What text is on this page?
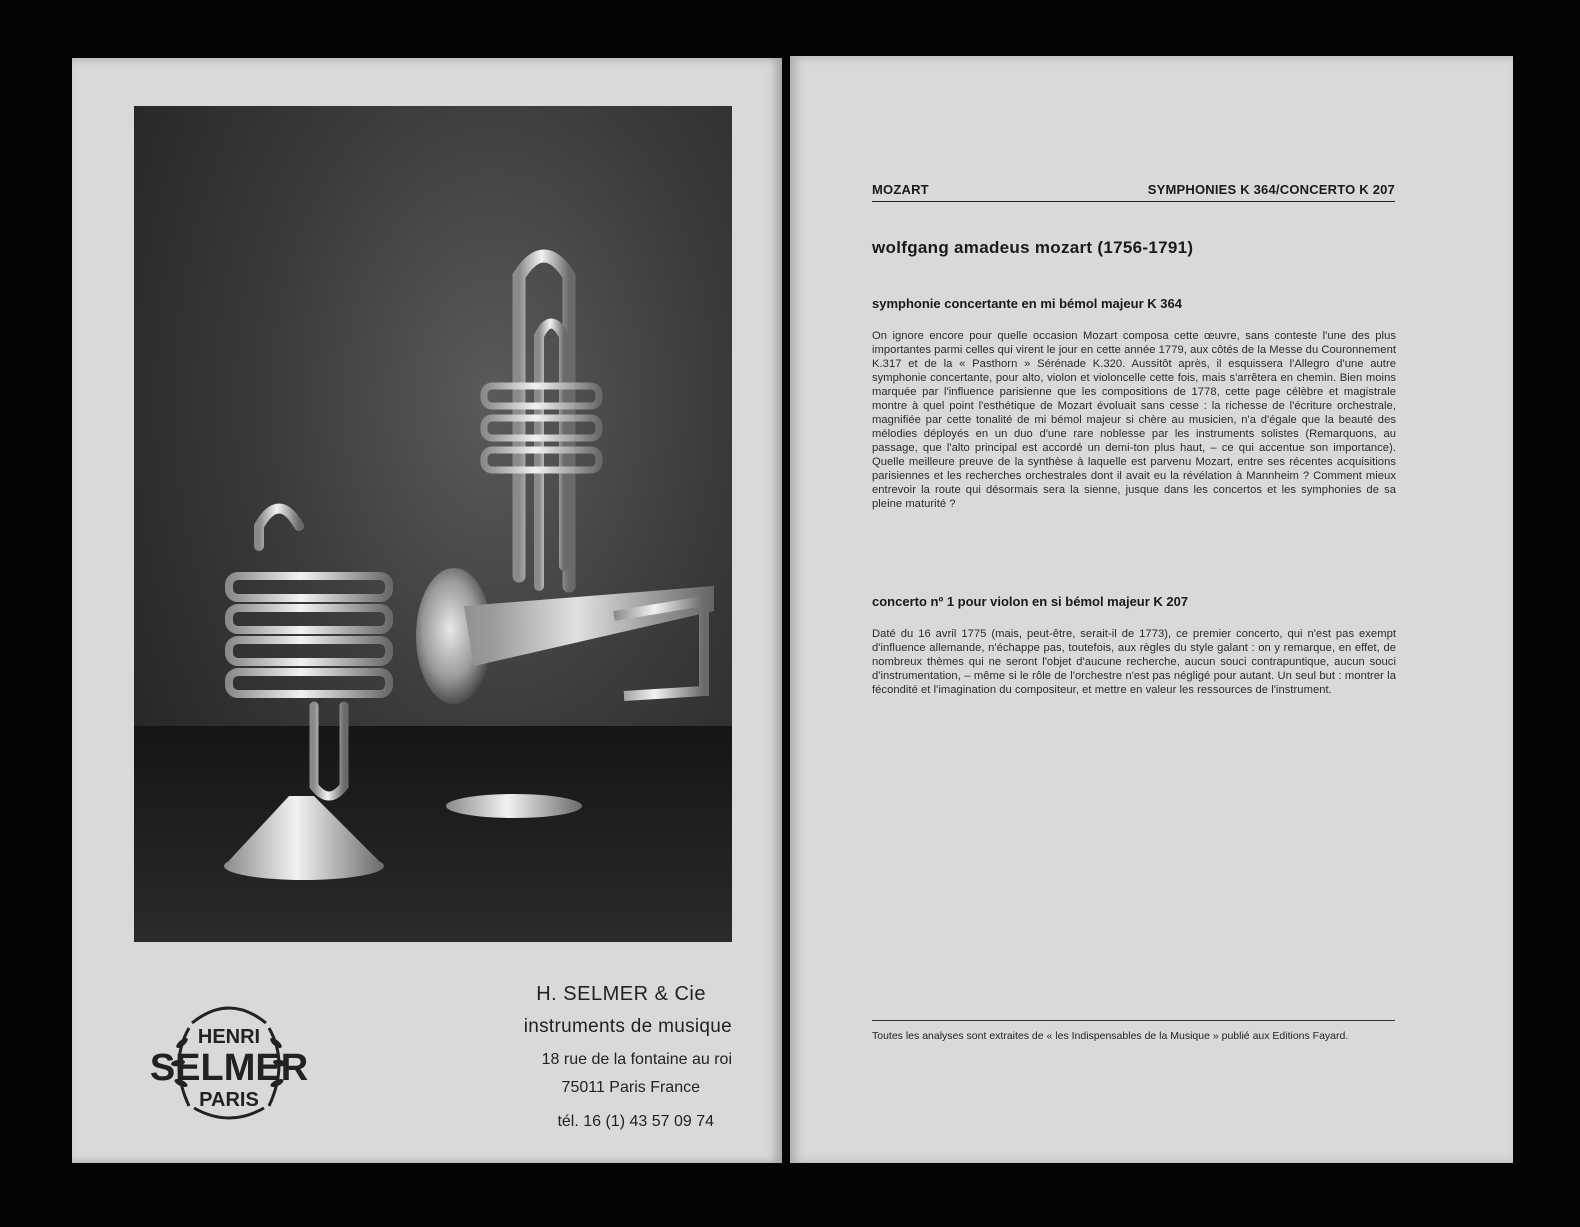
HENRI
SELMER
PARIS
H. SELMER & Cie
instruments de musique
18 rue de la fontaine au roi
75011 Paris France
tél. 16 (1) 43 57 09 74
MOZART	SYMPHONIES K 364/CONCERTO K 207
wolfgang amadeus mozart (1756-1791)
symphonie concertante en mi bémol majeur K 364
On ignore encore pour quelle occasion Mozart composa cette œuvre, sans conteste l'une des plus importantes parmi celles qui virent le jour en cette année 1779, aux côtés de la Messe du Couronnement K.317 et de la « Pasthorn » Sérénade K.320. Aussitôt après, il esquissera l'Allegro d'une autre symphonie concertante, pour alto, violon et violoncelle cette fois, mais s'arrêtera en chemin. Bien moins marquée par l'influence parisienne que les compositions de 1778, cette page célèbre et magistrale montre à quel point l'esthétique de Mozart évoluait sans cesse : la richesse de l'écriture orchestrale, magnifiée par cette tonalité de mi bémol majeur si chère au musicien, n'a d'égale que la beauté des mélodies déployés en un duo d'une rare noblesse par les instruments solistes (Remarquons, au passage, que l'alto principal est accordé un demi-ton plus haut, – ce qui accentue son importance). Quelle meilleure preuve de la synthèse à laquelle est parvenu Mozart, entre ses récentes acquisitions parisiennes et les recherches orchestrales dont il avait eu la révélation à Mannheim ? Comment mieux entrevoir la route qui désormais sera la sienne, jusque dans les concertos et les symphonies de sa pleine maturité ?
concerto nº 1 pour violon en si bémol majeur K 207
Daté du 16 avril 1775 (mais, peut-être, serait-il de 1773), ce premier concerto, qui n'est pas exempt d'influence allemande, n'échappe pas, toutefois, aux règles du style galant : on y remarque, en effet, de nombreux thèmes qui ne seront l'objet d'aucune recherche, aucun souci contrapuntique, aucun souci d'instrumentation, – même si le rôle de l'orchestre n'est pas négligé pour autant. Un seul but : montrer la fécondité et l'imagination du compositeur, et mettre en valeur les ressources de l'instrument.
Toutes les analyses sont extraites de « les Indispensables de la Musique » publié aux Editions Fayard.
